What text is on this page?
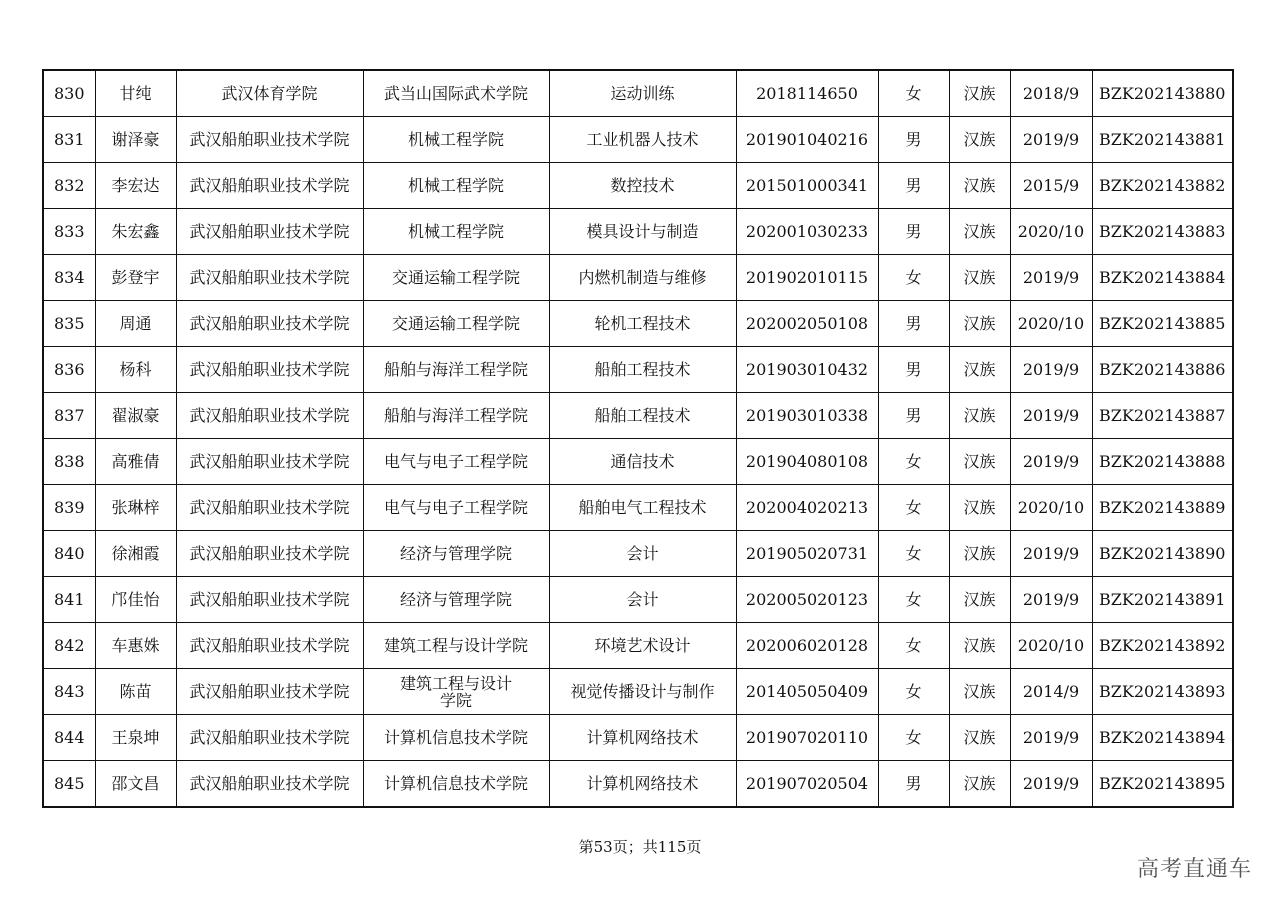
830	甘纯	武汉体育学院	武当山国际武术学院	运动训练	2018114650	女	汉族	2018/9	BZK202143880
831	谢泽豪	武汉船舶职业技术学院	机械工程学院	工业机器人技术	201901040216	男	汉族	2019/9	BZK202143881
832	李宏达	武汉船舶职业技术学院	机械工程学院	数控技术	201501000341	男	汉族	2015/9	BZK202143882
833	朱宏鑫	武汉船舶职业技术学院	机械工程学院	模具设计与制造	202001030233	男	汉族	2020/10	BZK202143883
834	彭登宇	武汉船舶职业技术学院	交通运输工程学院	内燃机制造与维修	201902010115	女	汉族	2019/9	BZK202143884
835	周通	武汉船舶职业技术学院	交通运输工程学院	轮机工程技术	202002050108	男	汉族	2020/10	BZK202143885
836	杨科	武汉船舶职业技术学院	船舶与海洋工程学院	船舶工程技术	201903010432	男	汉族	2019/9	BZK202143886
837	翟淑豪	武汉船舶职业技术学院	船舶与海洋工程学院	船舶工程技术	201903010338	男	汉族	2019/9	BZK202143887
838	高雅倩	武汉船舶职业技术学院	电气与电子工程学院	通信技术	201904080108	女	汉族	2019/9	BZK202143888
839	张琳梓	武汉船舶职业技术学院	电气与电子工程学院	船舶电气工程技术	202004020213	女	汉族	2020/10	BZK202143889
840	徐湘霞	武汉船舶职业技术学院	经济与管理学院	会计	201905020731	女	汉族	2019/9	BZK202143890
841	邝佳怡	武汉船舶职业技术学院	经济与管理学院	会计	202005020123	女	汉族	2019/9	BZK202143891
842	车惠姝	武汉船舶职业技术学院	建筑工程与设计学院	环境艺术设计	202006020128	女	汉族	2020/10	BZK202143892
843	陈苗	武汉船舶职业技术学院	建筑工程与设计学院	视觉传播设计与制作	201405050409	女	汉族	2014/9	BZK202143893
844	王泉坤	武汉船舶职业技术学院	计算机信息技术学院	计算机网络技术	201907020110	女	汉族	2019/9	BZK202143894
845	邵文昌	武汉船舶职业技术学院	计算机信息技术学院	计算机网络技术	201907020504	男	汉族	2019/9	BZK202143895
第53页；共115页
高考直通车
